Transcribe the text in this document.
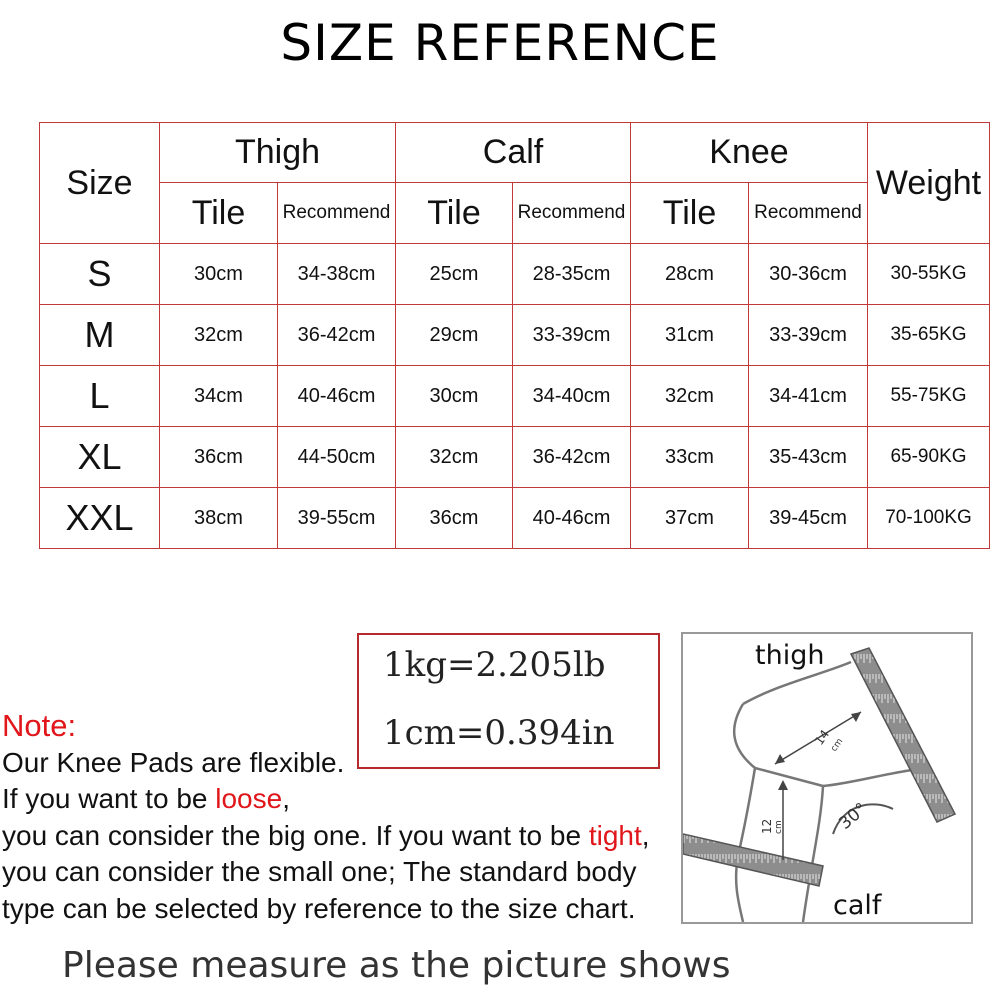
SIZE REFERENCE
Size	Thigh		Calf		Knee		Weight
	Tile	Recommend	Tile	Recommend	Tile	Recommend	
S	30cm	34-38cm	25cm	28-35cm	28cm	30-36cm	30-55KG
M	32cm	36-42cm	29cm	33-39cm	31cm	33-39cm	35-65KG
L	34cm	40-46cm	30cm	34-40cm	32cm	34-41cm	55-75KG
XL	36cm	44-50cm	32cm	36-42cm	33cm	35-43cm	65-90KG
XXL	38cm	39-55cm	36cm	40-46cm	37cm	39-45cm	70-100KG
1kg=2.205lb
1cm=0.394in
Note:
Our Knee Pads are flexible.
If you want to be loose,
you can consider the big one. If you want to be tight,
you can consider the small one; The standard body
type can be selected by reference to the size chart.
thigh
calf
14
cm
12 cm	30°
Please measure as the picture shows
